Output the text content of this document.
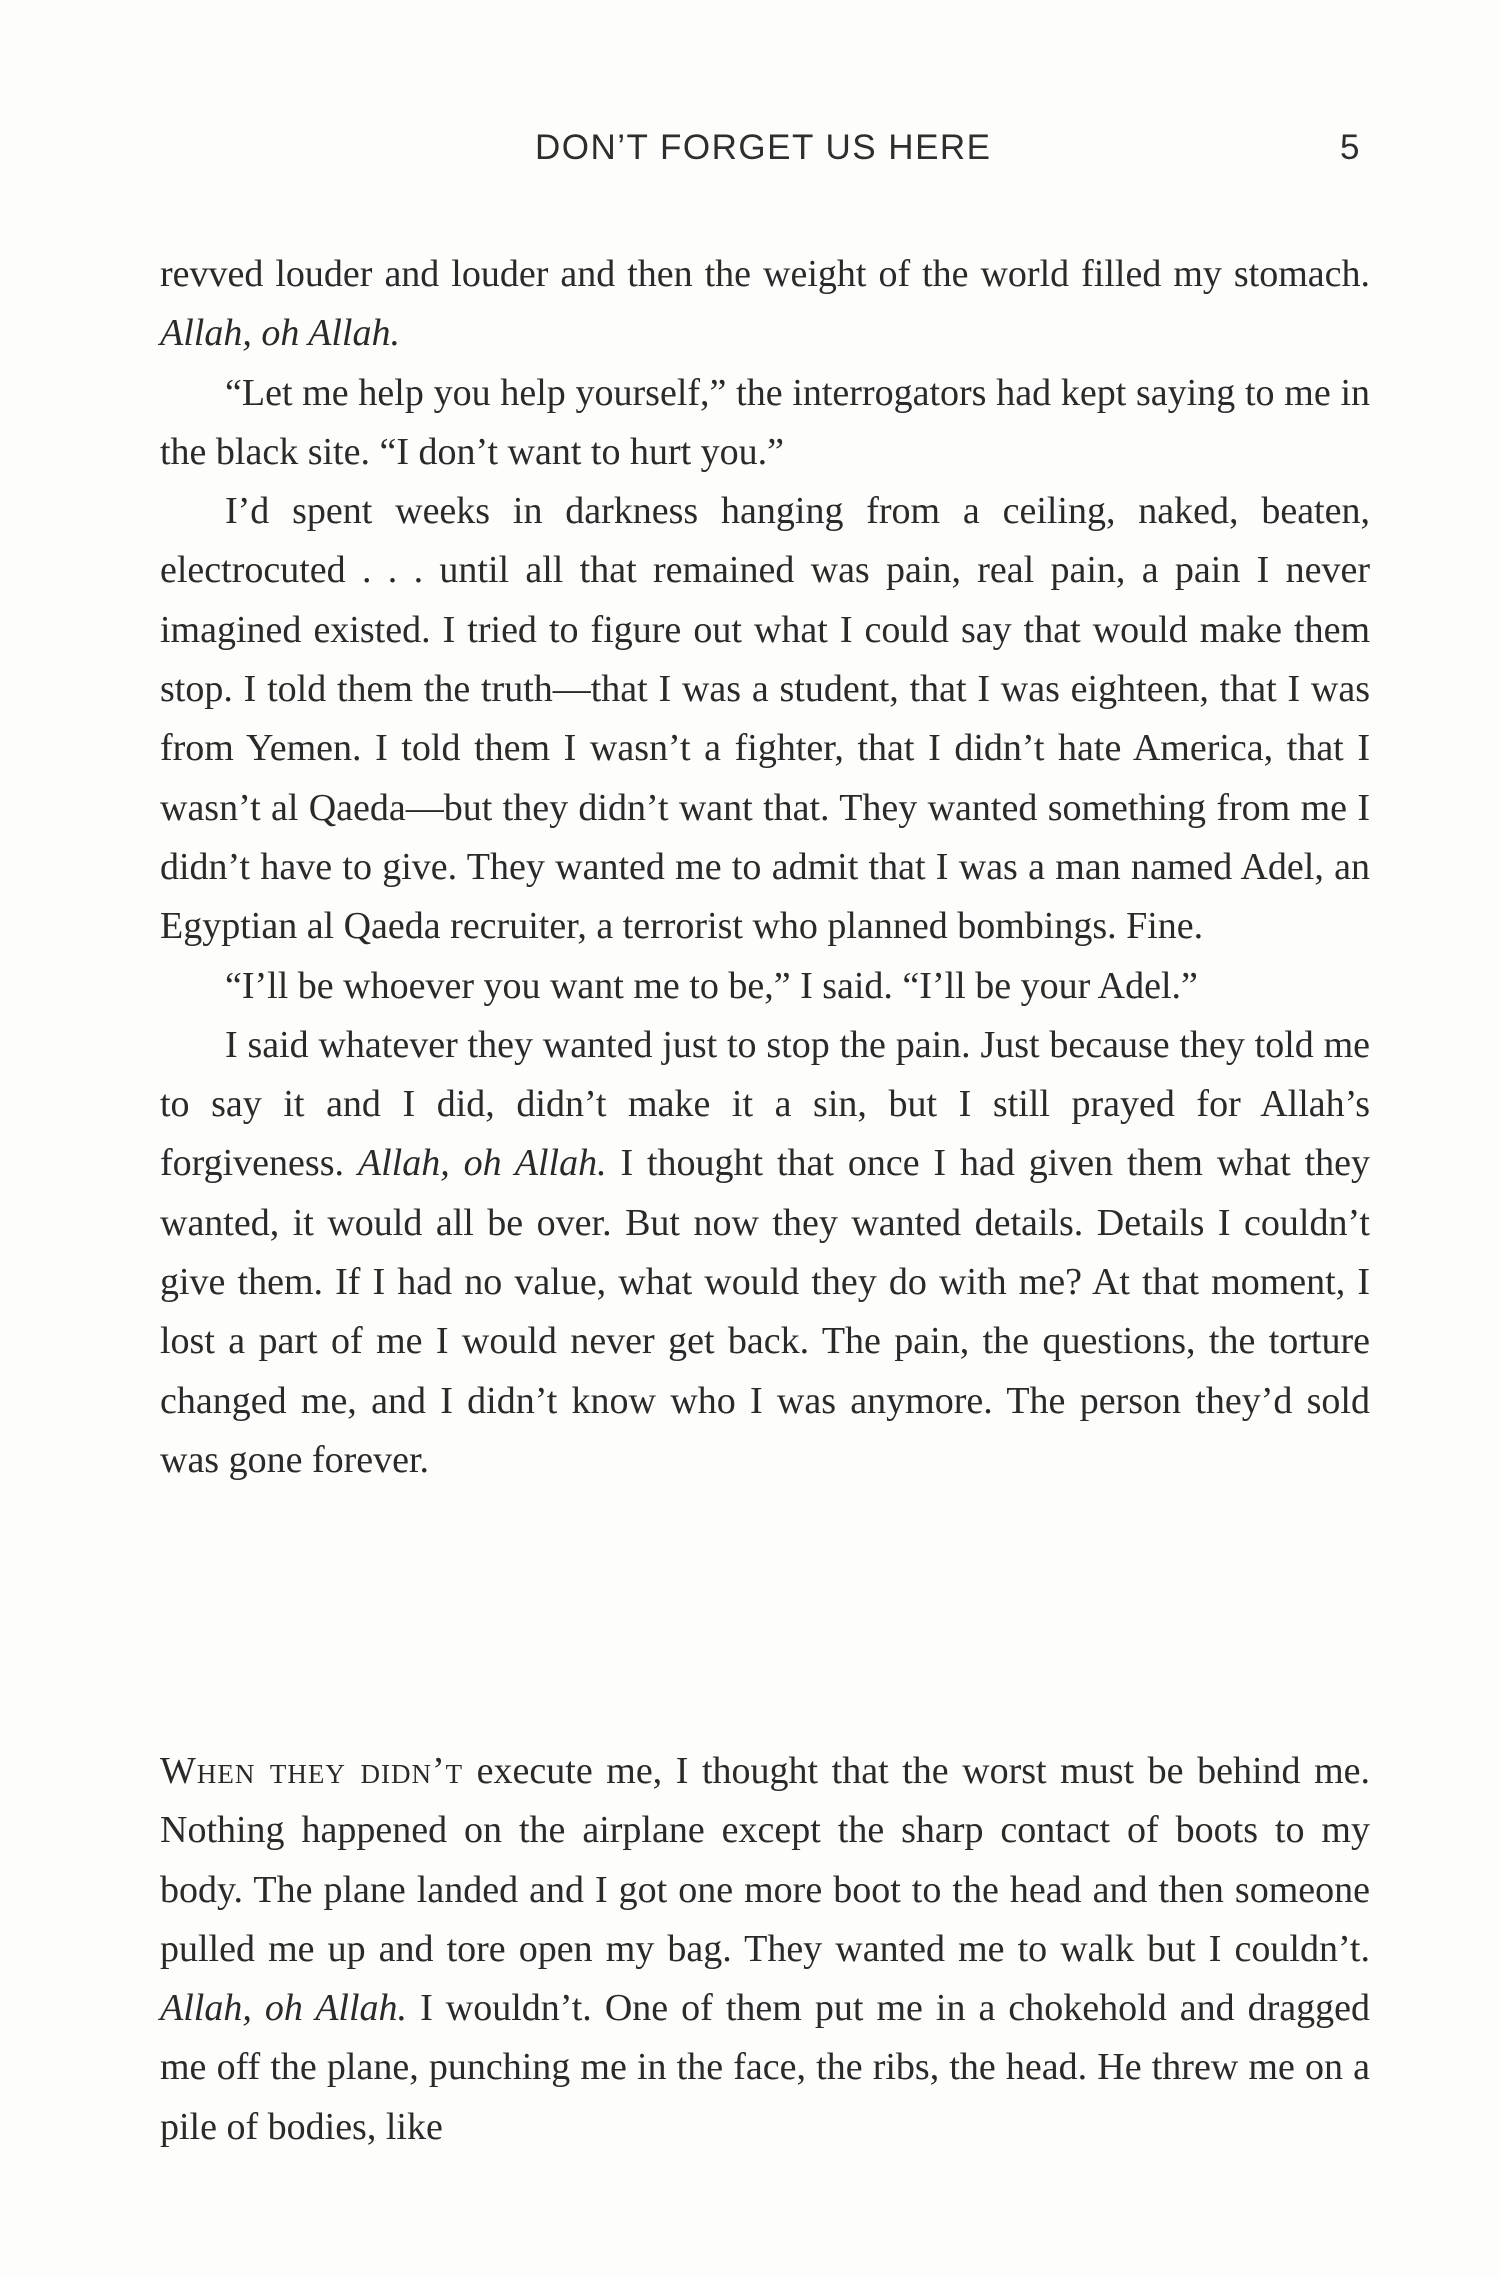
DON’T FORGET US HERE	5

revved louder and louder and then the weight of the world filled my stomach. Allah, oh Allah.

“Let me help you help yourself,” the interrogators had kept saying to me in the black site. “I don’t want to hurt you.”

I’d spent weeks in darkness hanging from a ceiling, naked, beaten, electrocuted . . . until all that remained was pain, real pain, a pain I never imagined existed. I tried to figure out what I could say that would make them stop. I told them the truth—that I was a student, that I was eighteen, that I was from Yemen. I told them I wasn’t a fighter, that I didn’t hate America, that I wasn’t al Qaeda—but they didn’t want that. They wanted something from me I didn’t have to give. They wanted me to admit that I was a man named Adel, an Egyptian al Qaeda recruiter, a terrorist who planned bombings. Fine.

“I’ll be whoever you want me to be,” I said. “I’ll be your Adel.”

I said whatever they wanted just to stop the pain. Just because they told me to say it and I did, didn’t make it a sin, but I still prayed for Allah’s forgiveness. Allah, oh Allah. I thought that once I had given them what they wanted, it would all be over. But now they wanted details. Details I couldn’t give them. If I had no value, what would they do with me? At that moment, I lost a part of me I would never get back. The pain, the questions, the torture changed me, and I didn’t know who I was anymore. The person they’d sold was gone forever.

When they didn’t execute me, I thought that the worst must be behind me. Nothing happened on the airplane except the sharp contact of boots to my body. The plane landed and I got one more boot to the head and then someone pulled me up and tore open my bag. They wanted me to walk but I couldn’t. Allah, oh Allah. I wouldn’t. One of them put me in a chokehold and dragged me off the plane, punching me in the face, the ribs, the head. He threw me on a pile of bodies, like
